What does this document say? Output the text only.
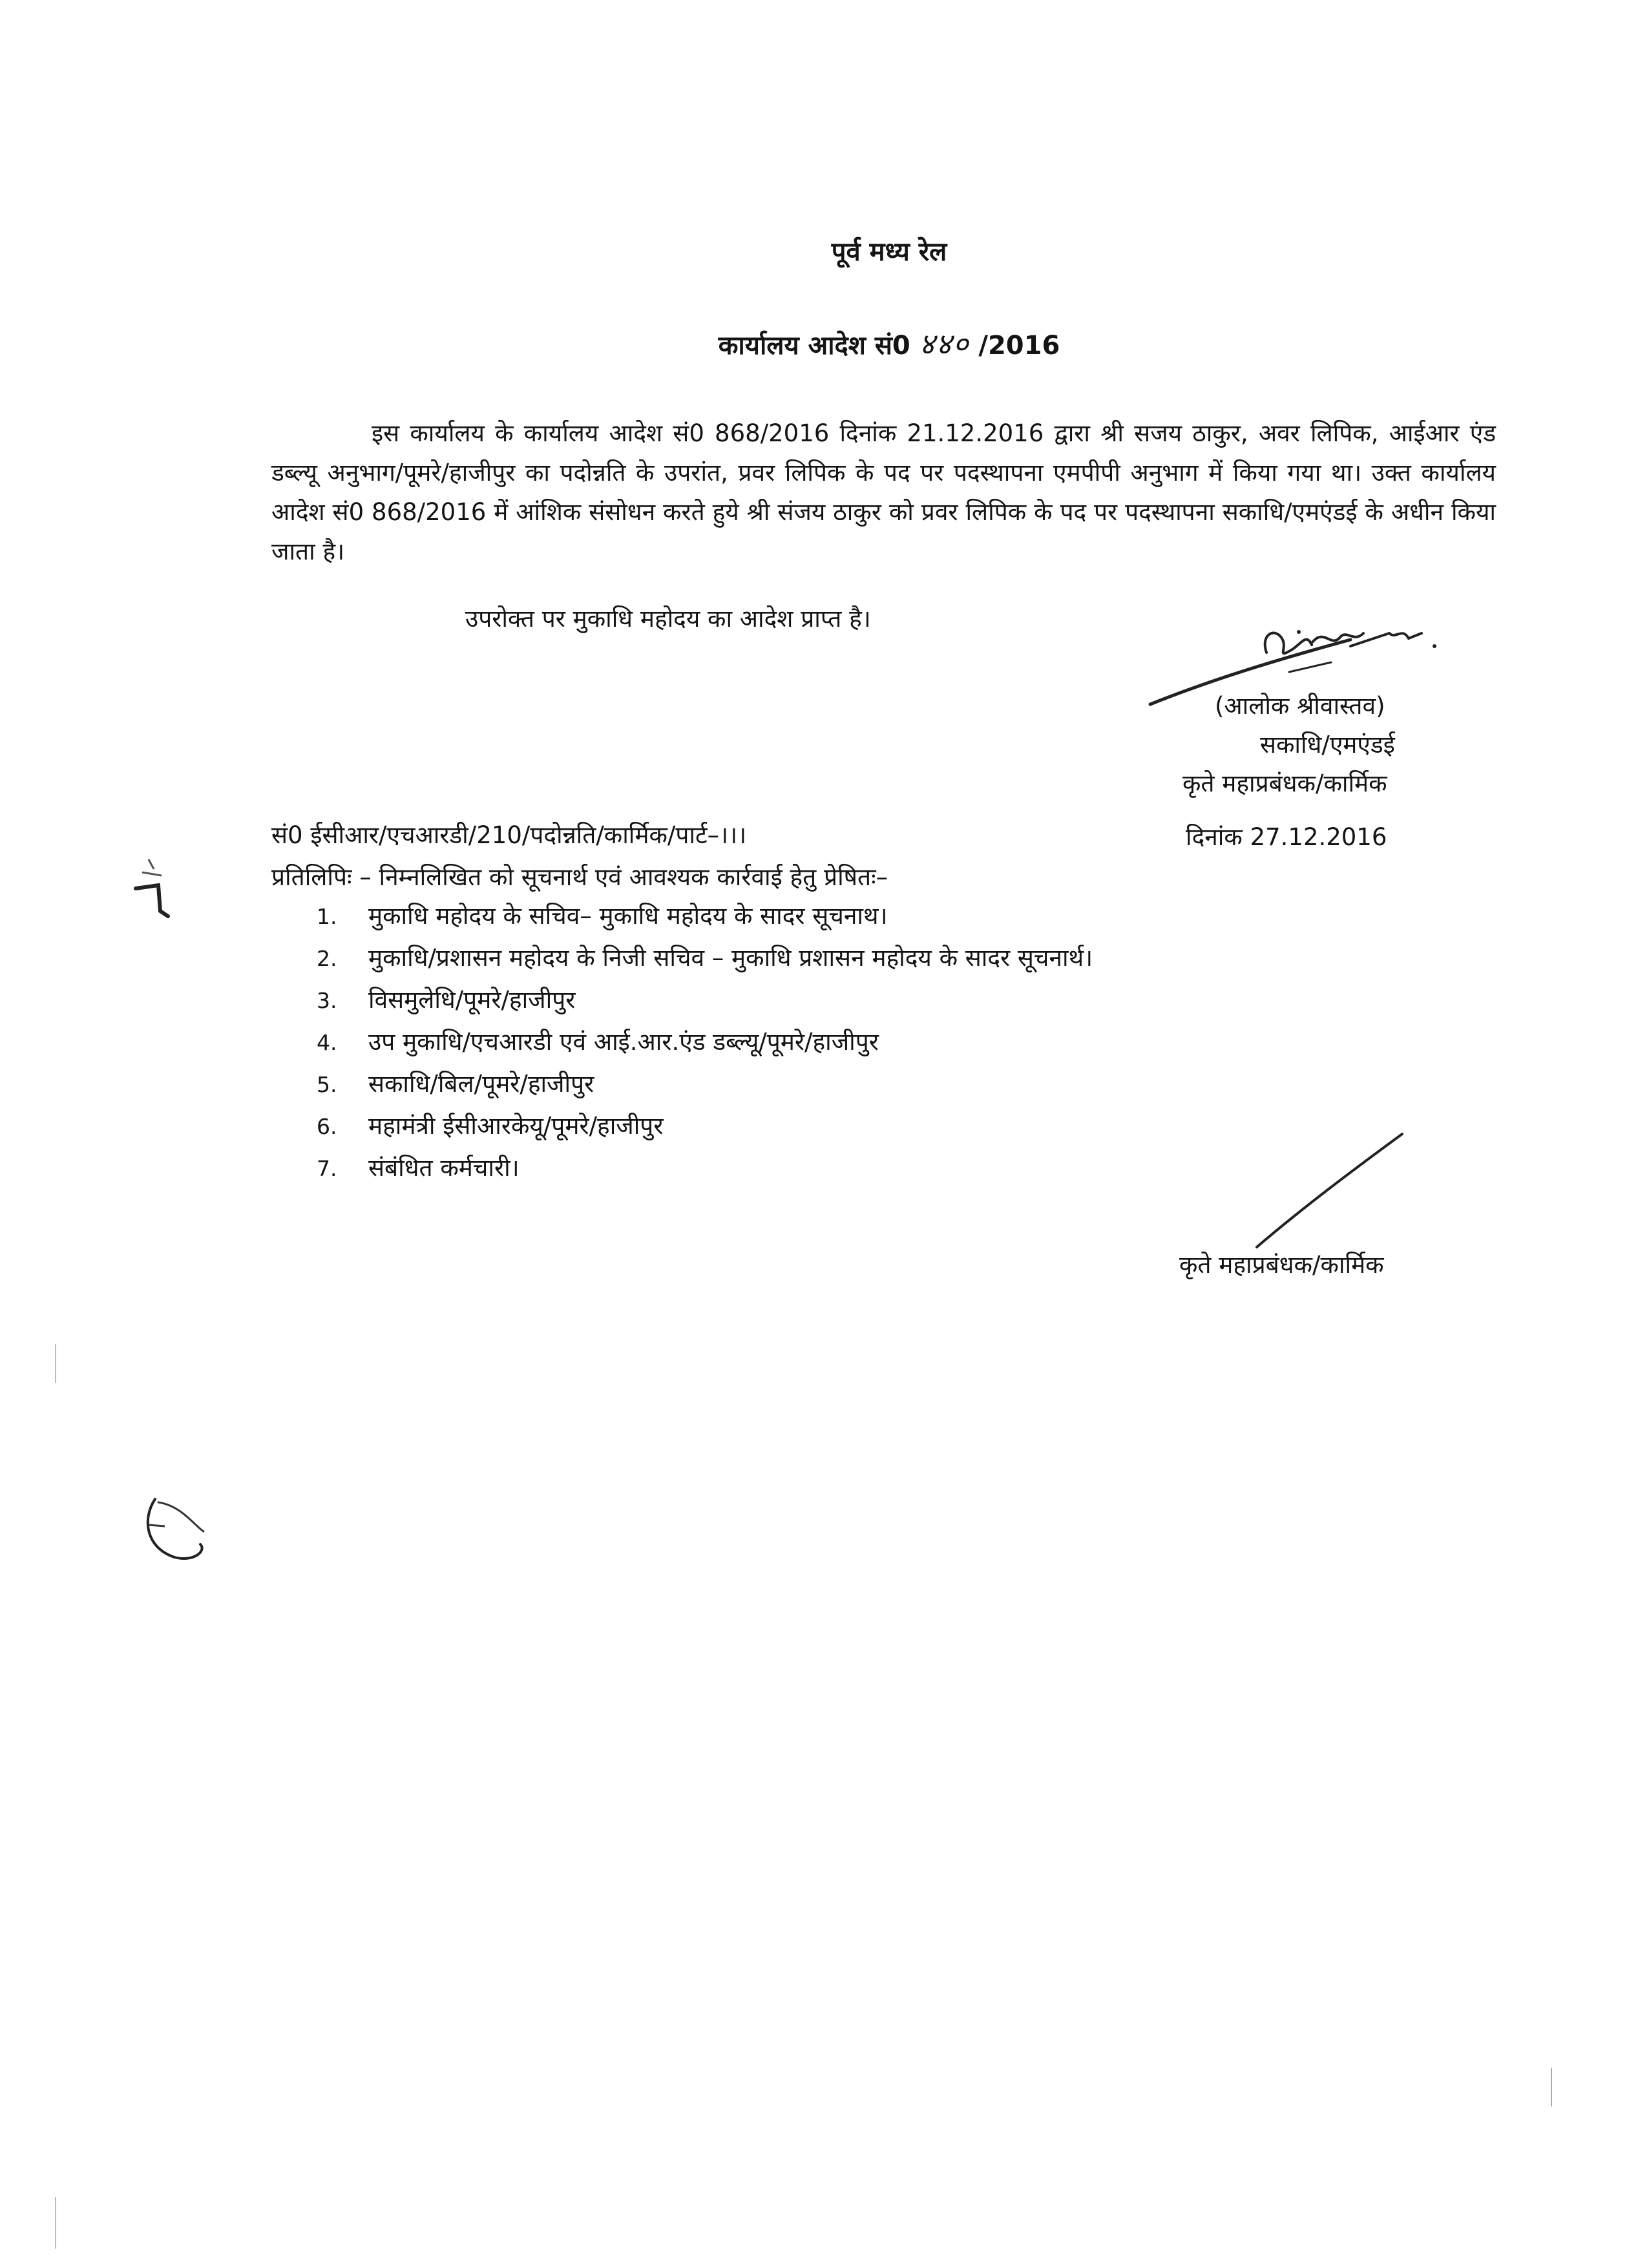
पूर्व मध्य रेल
कार्यालय आदेश सं0 ४४० /2016
इस कार्यालय के कार्यालय आदेश सं0 868/2016 दिनांक 21.12.2016 द्वारा श्री सजय ठाकुर, अवर लिपिक, आईआर एंड डब्ल्यू अनुभाग/पूमरे/हाजीपुर का पदोन्नति के उपरांत, प्रवर लिपिक के पद पर पदस्थापना एमपीपी अनुभाग में किया गया था। उक्त कार्यालय आदेश सं0 868/2016 में आंशिक संसोधन करते हुये श्री संजय ठाकुर को प्रवर लिपिक के पद पर पदस्थापना सकाधि/एमएंडई के अधीन किया जाता है।
उपरोक्त पर मुकाधि महोदय का आदेश प्राप्त है।
(आलोक श्रीवास्तव)
सकाधि/एमएंडई
कृते महाप्रबंधक/कार्मिक
सं0 ईसीआर/एचआरडी/210/पदोन्नति/कार्मिक/पार्ट–।।।	दिनांक 27.12.2016
प्रतिलिपिः – निम्नलिखित को सूचनार्थ एवं आवश्यक कार्रवाई हेतु प्रेषितः–
1. मुकाधि महोदय के सचिव– मुकाधि महोदय के सादर सूचनाथ।
2. मुकाधि/प्रशासन महोदय के निजी सचिव – मुकाधि प्रशासन महोदय के सादर सूचनार्थ।
3. विसमुलेधि/पूमरे/हाजीपुर
4. उप मुकाधि/एचआरडी एवं आई.आर.एंड डब्ल्यू/पूमरे/हाजीपुर
5. सकाधि/बिल/पूमरे/हाजीपुर
6. महामंत्री ईसीआरकेयू/पूमरे/हाजीपुर
7. संबंधित कर्मचारी।
कृते महाप्रबंधक/कार्मिक
